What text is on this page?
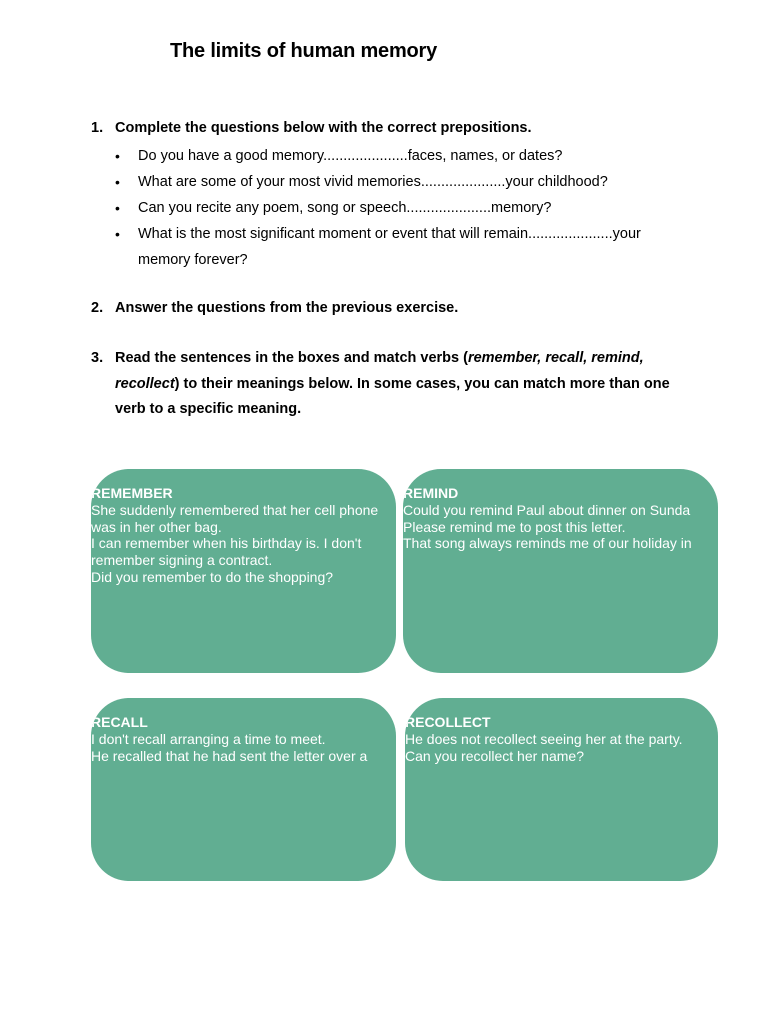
The limits of human memory
1. Complete the questions below with the correct prepositions.
• Do you have a good memory.....................faces, names, or dates?
• What are some of your most vivid memories.....................your childhood?
• Can you recite any poem, song or speech.....................memory?
• What is the most significant moment or event that will remain.....................your memory forever?
2. Answer the questions from the previous exercise.
3. Read the sentences in the boxes and match verbs (remember, recall, remind, recollect) to their meanings below. In some cases, you can match more than one verb to a specific meaning.
REMEMBER
She suddenly remembered that her cell phone was in her other bag.
I can remember when his birthday is. I don't remember signing a contract.
Did you remember to do the shopping?
REMIND
Could you remind Paul about dinner on Sunda
Please remind me to post this letter.
That song always reminds me of our holiday in
RECALL
I don't recall arranging a time to meet.
He recalled that he had sent the letter over a
RECOLLECT
He does not recollect seeing her at the party.
Can you recollect her name?
